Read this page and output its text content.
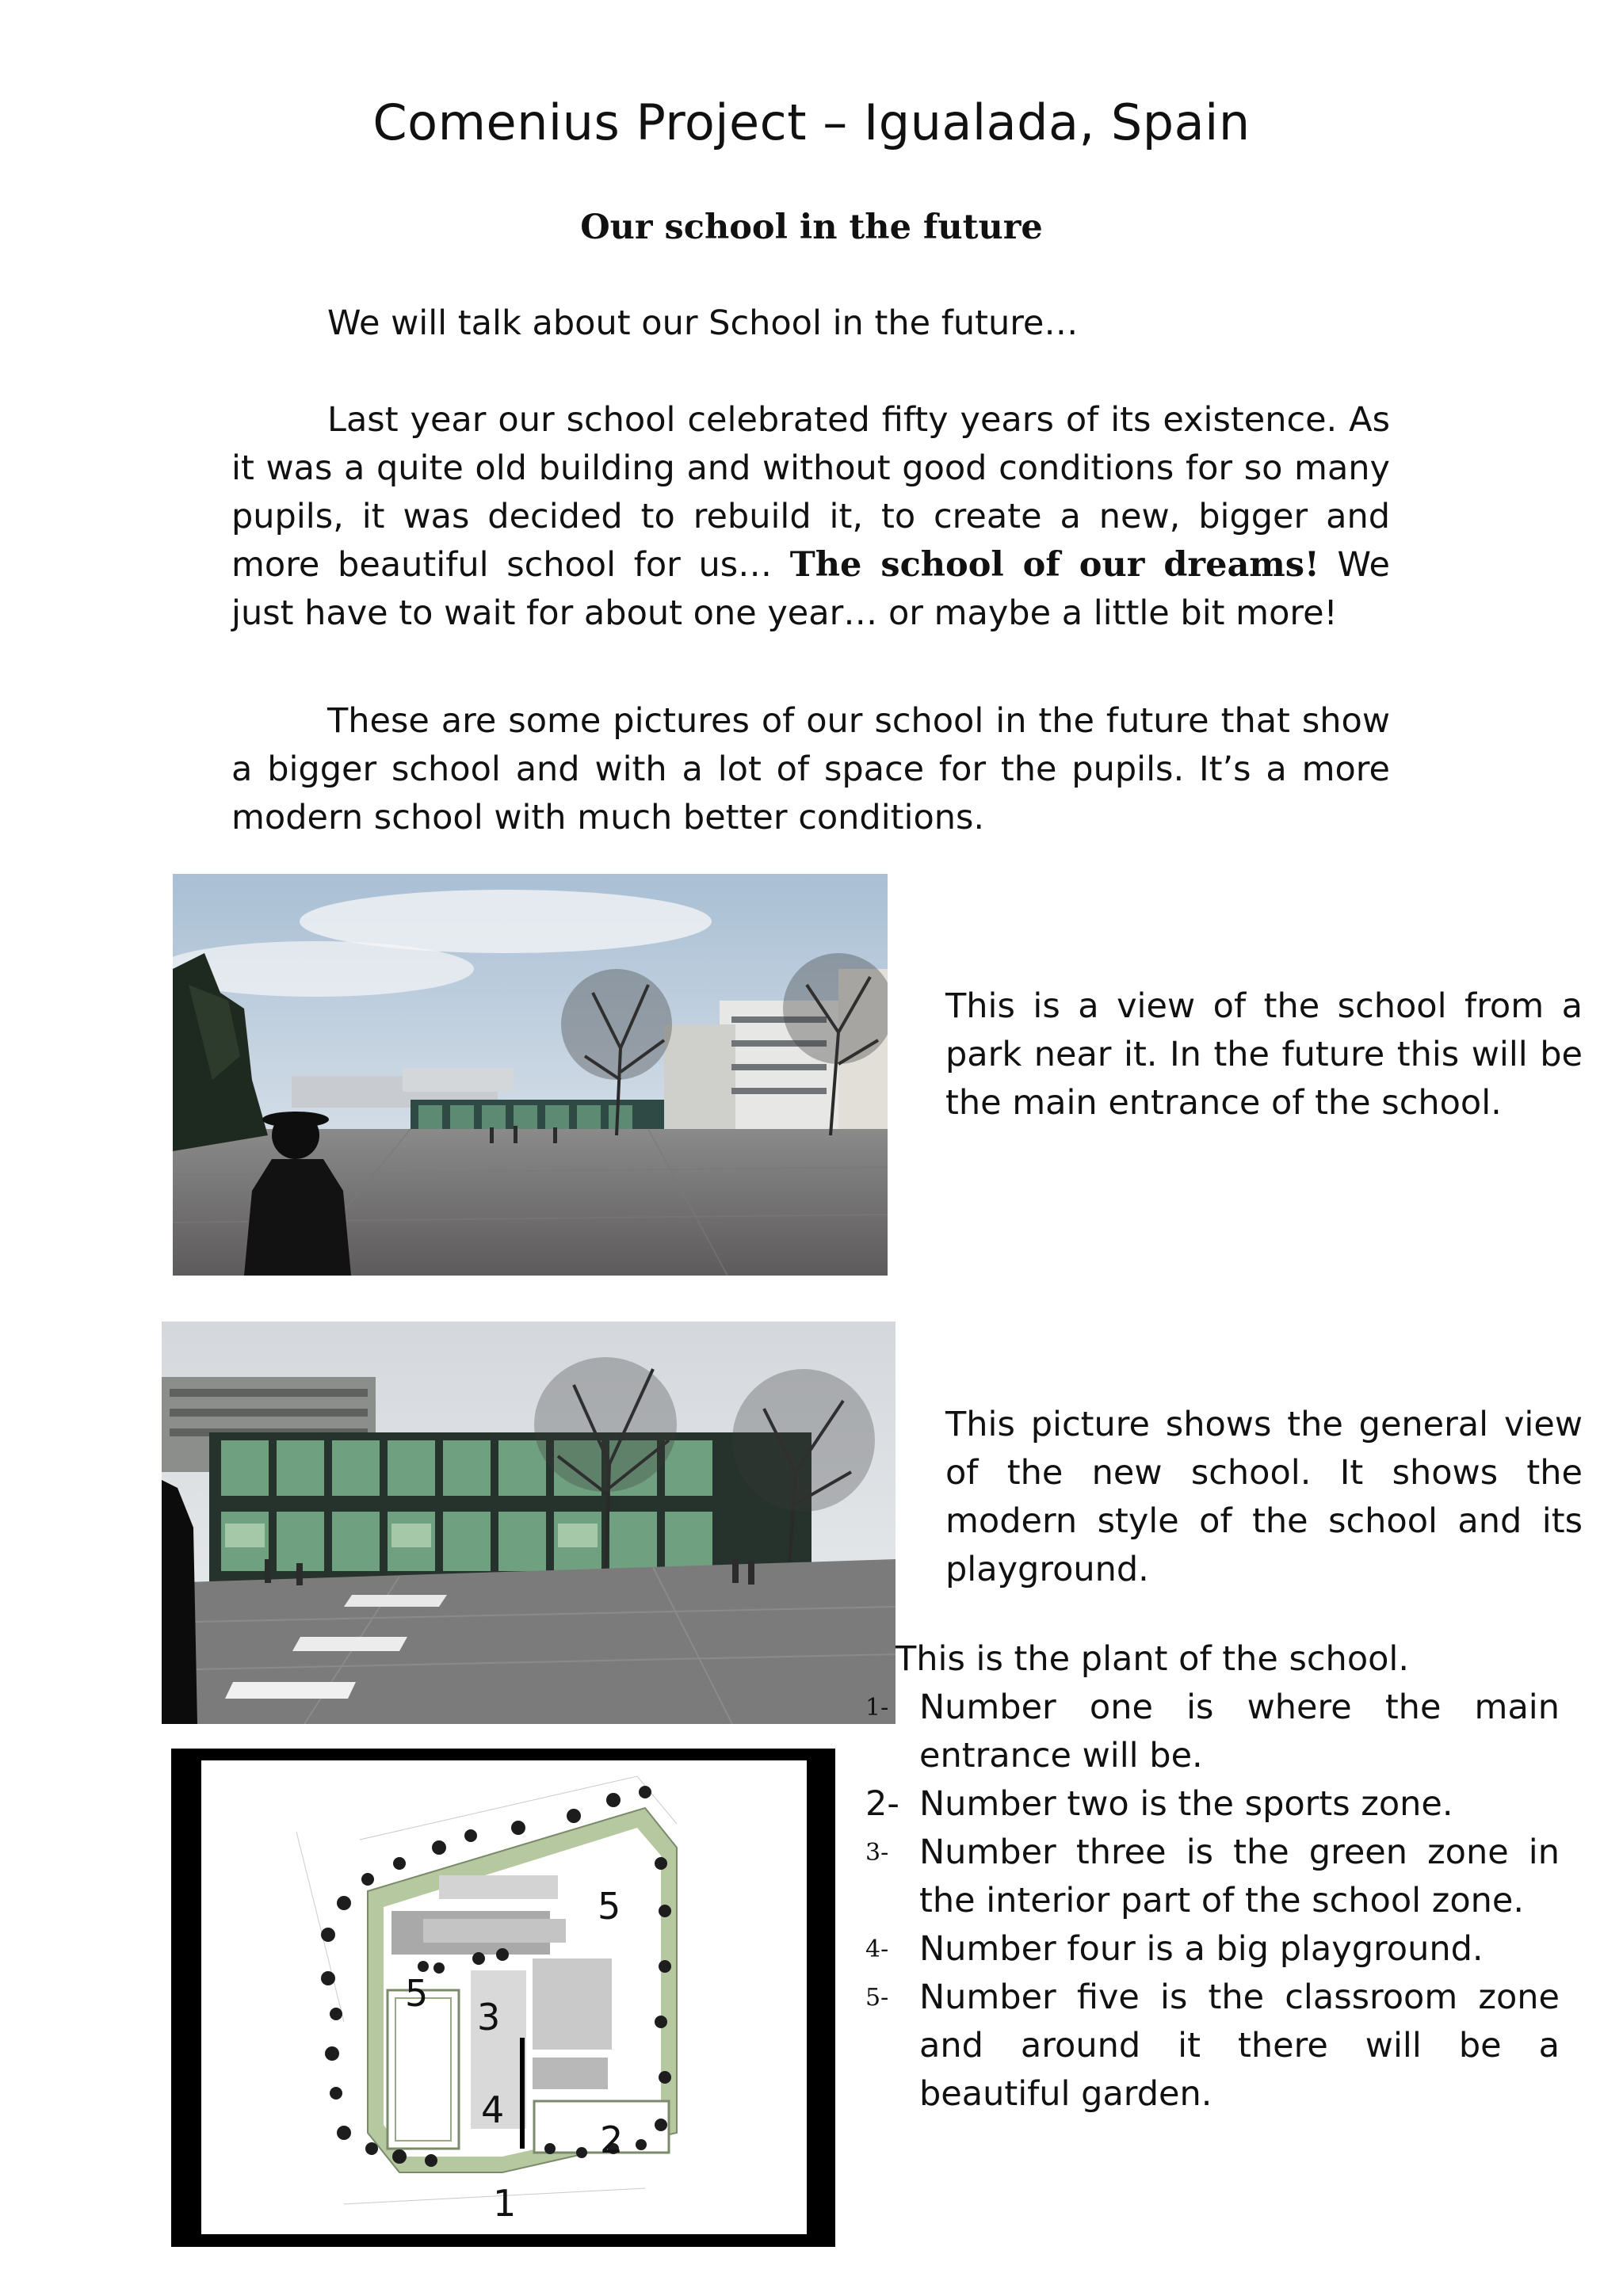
Comenius Project – Igualada, Spain
Our school in the future
We will talk about our School in the future…
Last year our school celebrated fifty years of its existence. As it was a quite old building and without good conditions for so many pupils, it was decided to rebuild it, to create a new, bigger and more beautiful school for us… The school of our dreams! We just have to wait for about one year… or maybe a little bit more!
These are some pictures of our school in the future that show a bigger school and with a lot of space for the pupils. It’s a more modern school with much better conditions.
This is a view of the school from a park near it. In the future this will be the main entrance of the school.
This picture shows the general view of the new school. It shows the modern style of the school and its playground.
5
5
3
4
2
1
This is the plant of the school.
1- Number one is where the main entrance will be.
2- Number two is the sports zone.
3- Number three is the green zone in the interior part of the school zone.
4- Number four is a big playground.
5- Number five is the classroom zone and around it there will be a beautiful garden.
